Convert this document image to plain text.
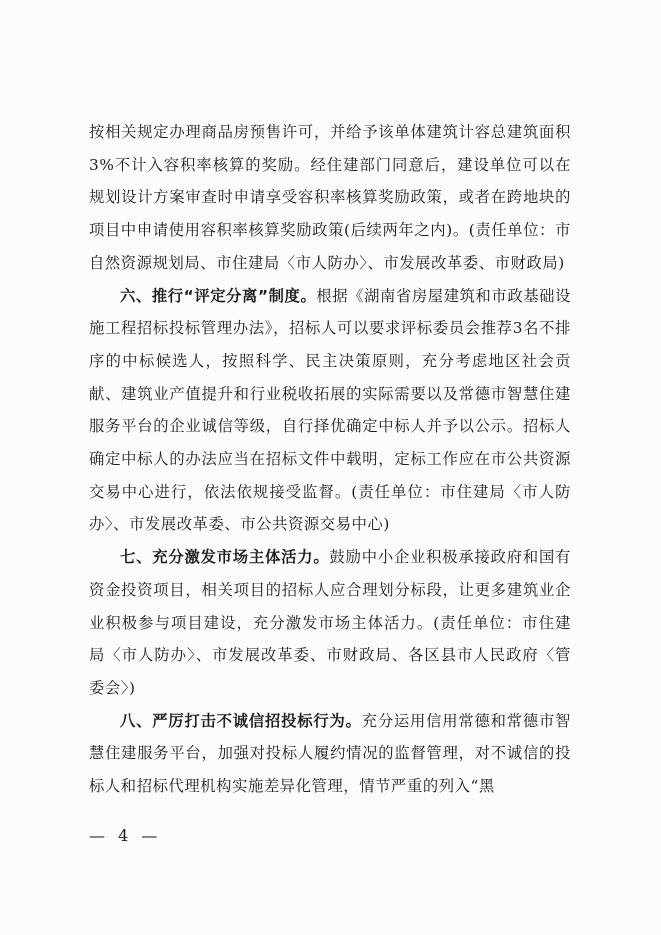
按相关规定办理商品房预售许可，并给予该单体建筑计容总建筑面积3%不计入容积率核算的奖励。经住建部门同意后，建设单位可以在规划设计方案审查时申请享受容积率核算奖励政策，或者在跨地块的项目中申请使用容积率核算奖励政策(后续两年之内)。(责任单位：市自然资源规划局、市住建局〈市人防办〉、市发展改革委、市财政局)

六、推行“评定分离”制度。根据《湖南省房屋建筑和市政基础设施工程招标投标管理办法》，招标人可以要求评标委员会推荐3名不排序的中标候选人，按照科学、民主决策原则，充分考虑地区社会贡献、建筑业产值提升和行业税收拓展的实际需要以及常德市智慧住建服务平台的企业诚信等级，自行择优确定中标人并予以公示。招标人确定中标人的办法应当在招标文件中载明，定标工作应在市公共资源交易中心进行，依法依规接受监督。(责任单位：市住建局〈市人防办〉、市发展改革委、市公共资源交易中心)

七、充分激发市场主体活力。鼓励中小企业积极承接政府和国有资金投资项目，相关项目的招标人应合理划分标段，让更多建筑业企业积极参与项目建设，充分激发市场主体活力。(责任单位：市住建局〈市人防办〉、市发展改革委、市财政局、各区县市人民政府〈管委会〉)

八、严厉打击不诚信招投标行为。充分运用信用常德和常德市智慧住建服务平台，加强对投标人履约情况的监督管理，对不诚信的投标人和招标代理机构实施差异化管理，情节严重的列入“黑

— 4 —
